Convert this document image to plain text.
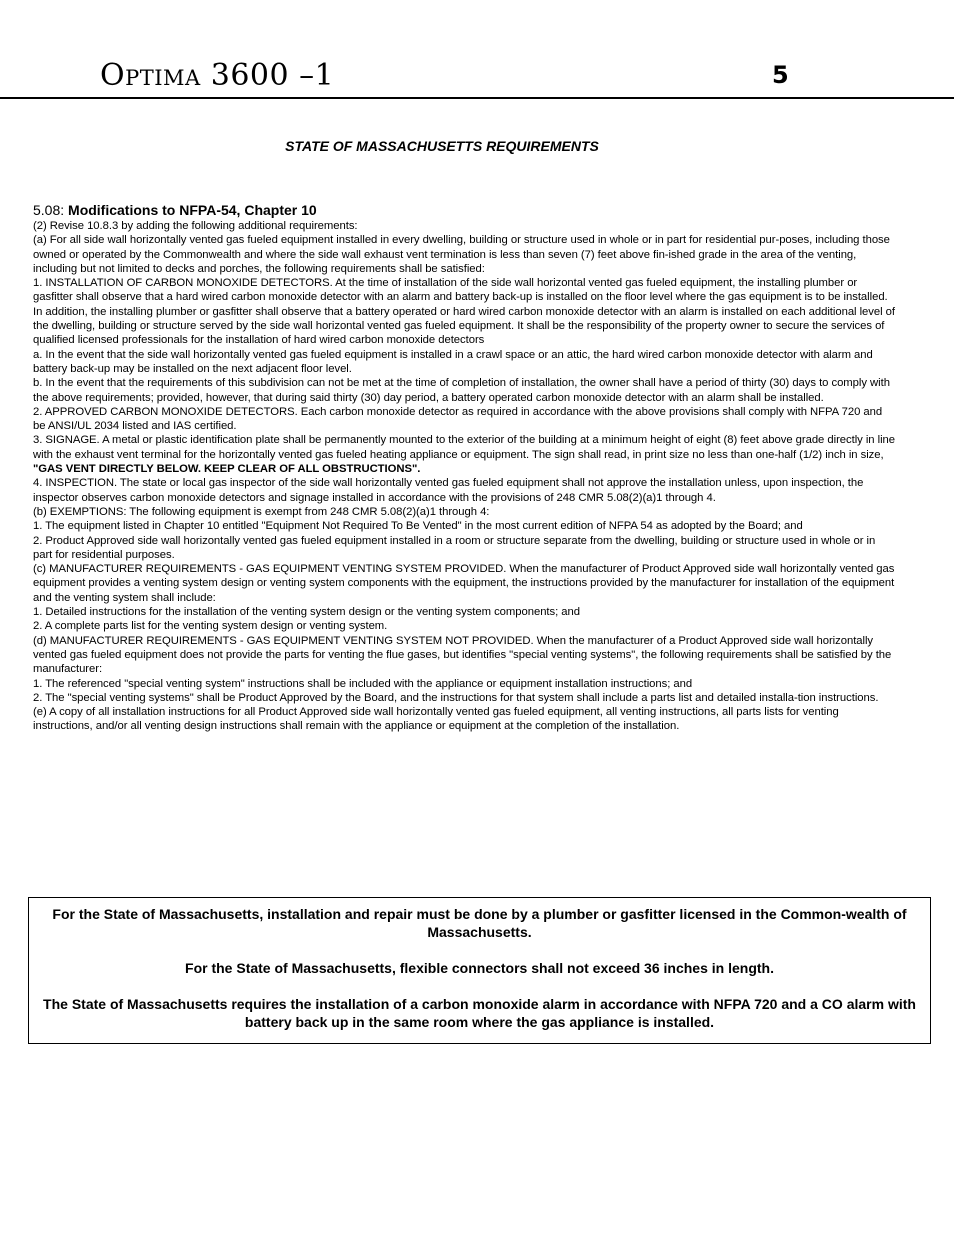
Optima 3600 –1	5
STATE OF MASSACHUSETTS REQUIREMENTS

5.08: Modifications to NFPA-54, Chapter 10

(2) Revise 10.8.3 by adding the following additional requirements:

(a) For all side wall horizontally vented gas fueled equipment installed in every dwelling, building or structure used in whole or in part for residential pur-poses, including those owned or operated by the Commonwealth and where the side wall exhaust vent termination is less than seven (7) feet above fin-ished grade in the area of the venting, including but not limited to decks and porches, the following requirements shall be satisfied:

1. INSTALLATION OF CARBON MONOXIDE DETECTORS. At the time of installation of the side wall horizontal vented gas fueled equipment, the installing plumber or gasfitter shall observe that a hard wired carbon monoxide detector with an alarm and battery back-up is installed on the floor level where the gas equipment is to be installed. In addition, the installing plumber or gasfitter shall observe that a battery operated or hard wired carbon monoxide detector with an alarm is installed on each additional level of the dwelling, building or structure served by the side wall horizontal vented gas fueled equipment. It shall be the responsibility of the property owner to secure the services of qualified licensed professionals for the installation of hard wired carbon monoxide detectors

a. In the event that the side wall horizontally vented gas fueled equipment is installed in a crawl space or an attic, the hard wired carbon monoxide detector with alarm and battery back-up may be installed on the next adjacent floor level.

b. In the event that the requirements of this subdivision can not be met at the time of completion of installation, the owner shall have a period of thirty (30) days to comply with the above requirements; provided, however, that during said thirty (30) day period, a battery operated carbon monoxide detector with an alarm shall be installed.

2. APPROVED CARBON MONOXIDE DETECTORS. Each carbon monoxide detector as required in accordance with the above provisions shall comply with NFPA 720 and be ANSI/UL 2034 listed and IAS certified.

3. SIGNAGE. A metal or plastic identification plate shall be permanently mounted to the exterior of the building at a minimum height of eight (8) feet above grade directly in line with the exhaust vent terminal for the horizontally vented gas fueled heating appliance or equipment. The sign shall read, in print size no less than one-half (1/2) inch in size, "GAS VENT DIRECTLY BELOW. KEEP CLEAR OF ALL OBSTRUCTIONS".

4. INSPECTION. The state or local gas inspector of the side wall horizontally vented gas fueled equipment shall not approve the installation unless, upon inspection, the inspector observes carbon monoxide detectors and signage installed in accordance with the provisions of 248 CMR 5.08(2)(a)1 through 4.

(b) EXEMPTIONS: The following equipment is exempt from 248 CMR 5.08(2)(a)1 through 4:

1. The equipment listed in Chapter 10 entitled "Equipment Not Required To Be Vented" in the most current edition of NFPA 54 as adopted by the Board; and

2. Product Approved side wall horizontally vented gas fueled equipment installed in a room or structure separate from the dwelling, building or structure used in whole or in part for residential purposes.

(c) MANUFACTURER REQUIREMENTS - GAS EQUIPMENT VENTING SYSTEM PROVIDED. When the manufacturer of Product Approved side wall horizontally vented gas equipment provides a venting system design or venting system components with the equipment, the instructions provided by the manufacturer for installation of the equipment and the venting system shall include:

1. Detailed instructions for the installation of the venting system design or the venting system components; and

2. A complete parts list for the venting system design or venting system.

(d) MANUFACTURER REQUIREMENTS - GAS EQUIPMENT VENTING SYSTEM NOT PROVIDED. When the manufacturer of a Product Approved side wall horizontally vented gas fueled equipment does not provide the parts for venting the flue gases, but identifies "special venting systems", the following requirements shall be satisfied by the manufacturer:

1. The referenced "special venting system" instructions shall be included with the appliance or equipment installation instructions; and

2. The "special venting systems" shall be Product Approved by the Board, and the instructions for that system shall include a parts list and detailed installa-tion instructions.

(e) A copy of all installation instructions for all Product Approved side wall horizontally vented gas fueled equipment, all venting instructions, all parts lists for venting instructions, and/or all venting design instructions shall remain with the appliance or equipment at the completion of the installation.

For the State of Massachusetts, installation and repair must be done by a plumber or gasfitter licensed in the Common-wealth of Massachusetts.

For the State of Massachusetts, flexible connectors shall not exceed 36 inches in length.

The State of Massachusetts requires the installation of a carbon monoxide alarm in accordance with NFPA 720 and a CO alarm with battery back up in the same room where the gas appliance is installed.
